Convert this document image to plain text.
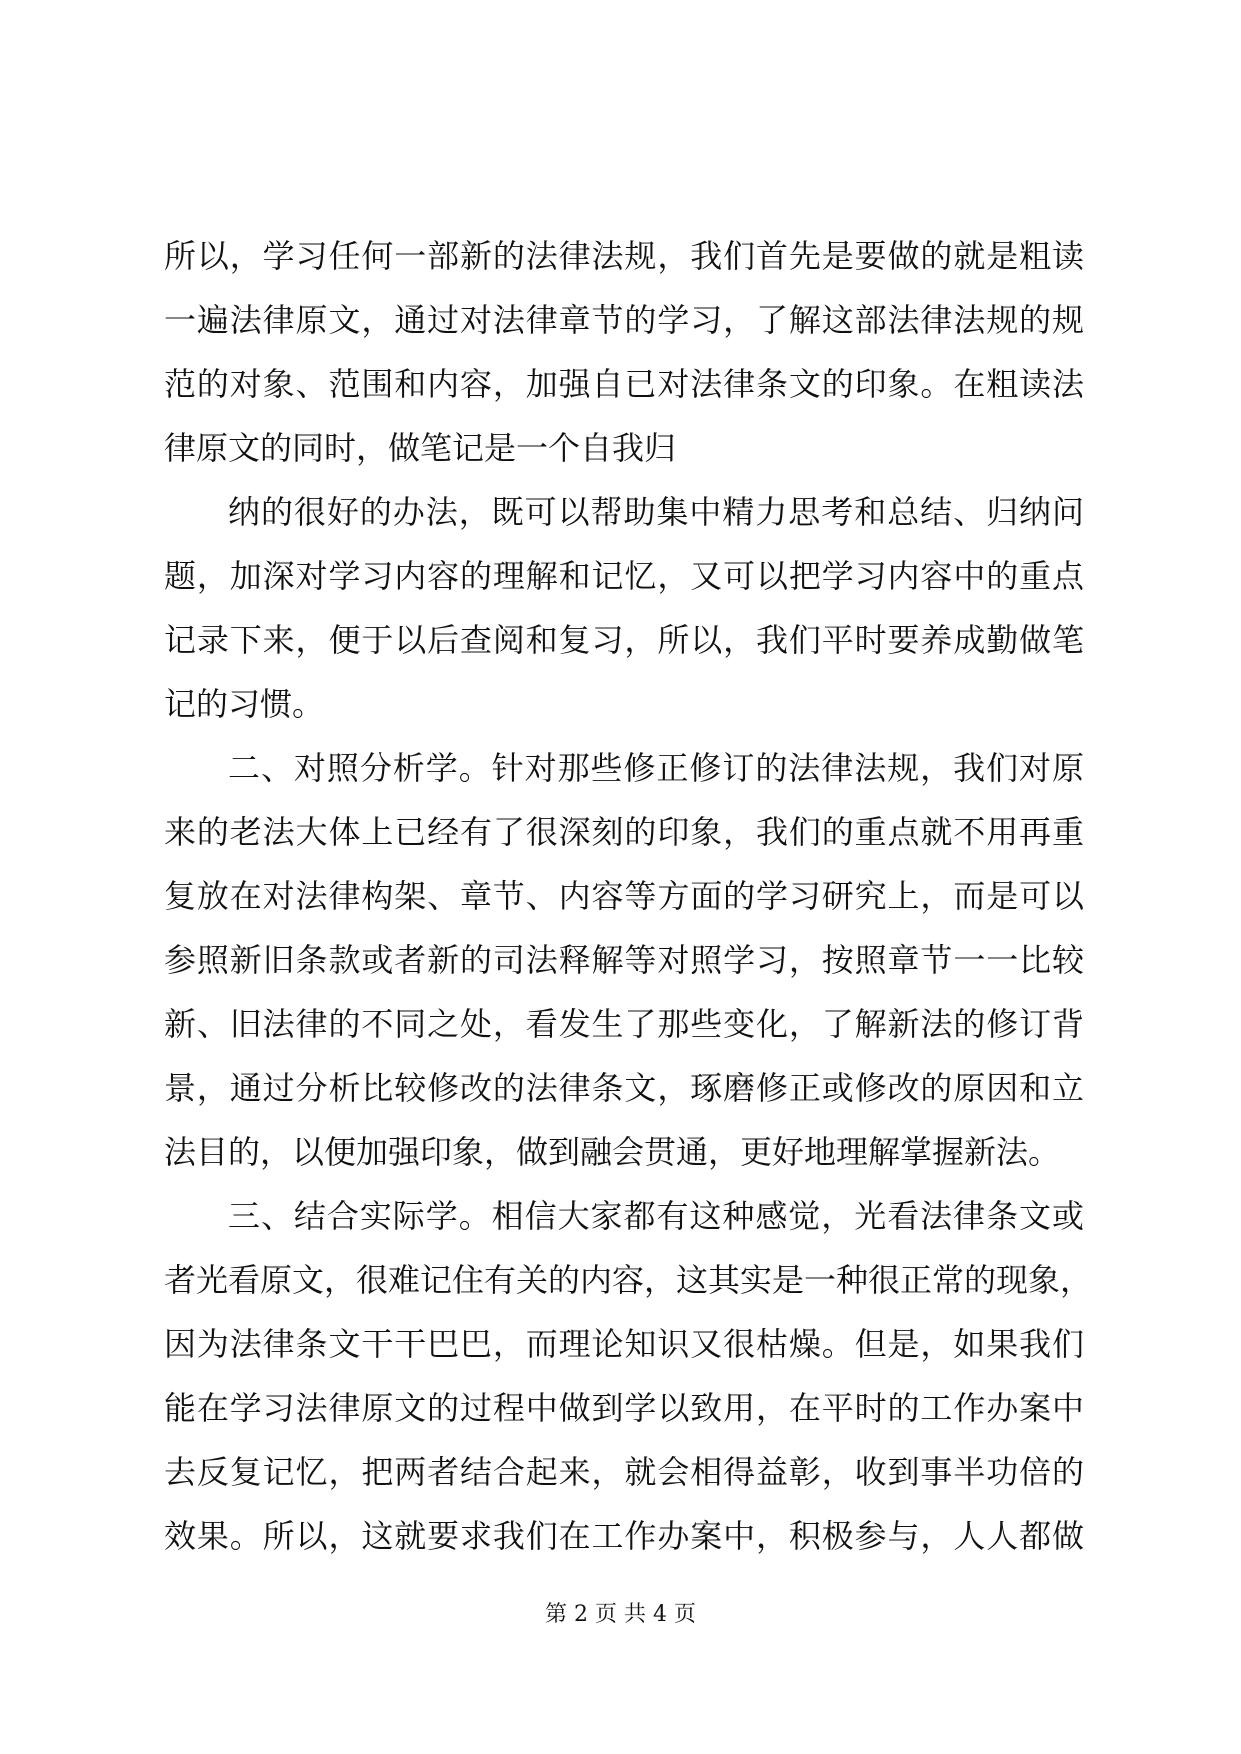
所以，学习任何一部新的法律法规，我们首先是要做的就是粗读
一遍法律原文，通过对法律章节的学习，了解这部法律法规的规
范的对象、范围和内容，加强自已对法律条文的印象。在粗读法
律原文的同时，做笔记是一个自我归
纳的很好的办法，既可以帮助集中精力思考和总结、归纳问
题，加深对学习内容的理解和记忆，又可以把学习内容中的重点
记录下来，便于以后查阅和复习，所以，我们平时要养成勤做笔
记的习惯。
二、对照分析学。针对那些修正修订的法律法规，我们对原
来的老法大体上已经有了很深刻的印象，我们的重点就不用再重
复放在对法律构架、章节、内容等方面的学习研究上，而是可以
参照新旧条款或者新的司法释解等对照学习，按照章节一一比较
新、旧法律的不同之处，看发生了那些变化，了解新法的修订背
景，通过分析比较修改的法律条文，琢磨修正或修改的原因和立
法目的，以便加强印象，做到融会贯通，更好地理解掌握新法。
三、结合实际学。相信大家都有这种感觉，光看法律条文或
者光看原文，很难记住有关的内容，这其实是一种很正常的现象，
因为法律条文干干巴巴，而理论知识又很枯燥。但是，如果我们
能在学习法律原文的过程中做到学以致用，在平时的工作办案中
去反复记忆，把两者结合起来，就会相得益彰，收到事半功倍的
效果。所以，这就要求我们在工作办案中，积极参与，人人都做
第 2 页 共 4 页
